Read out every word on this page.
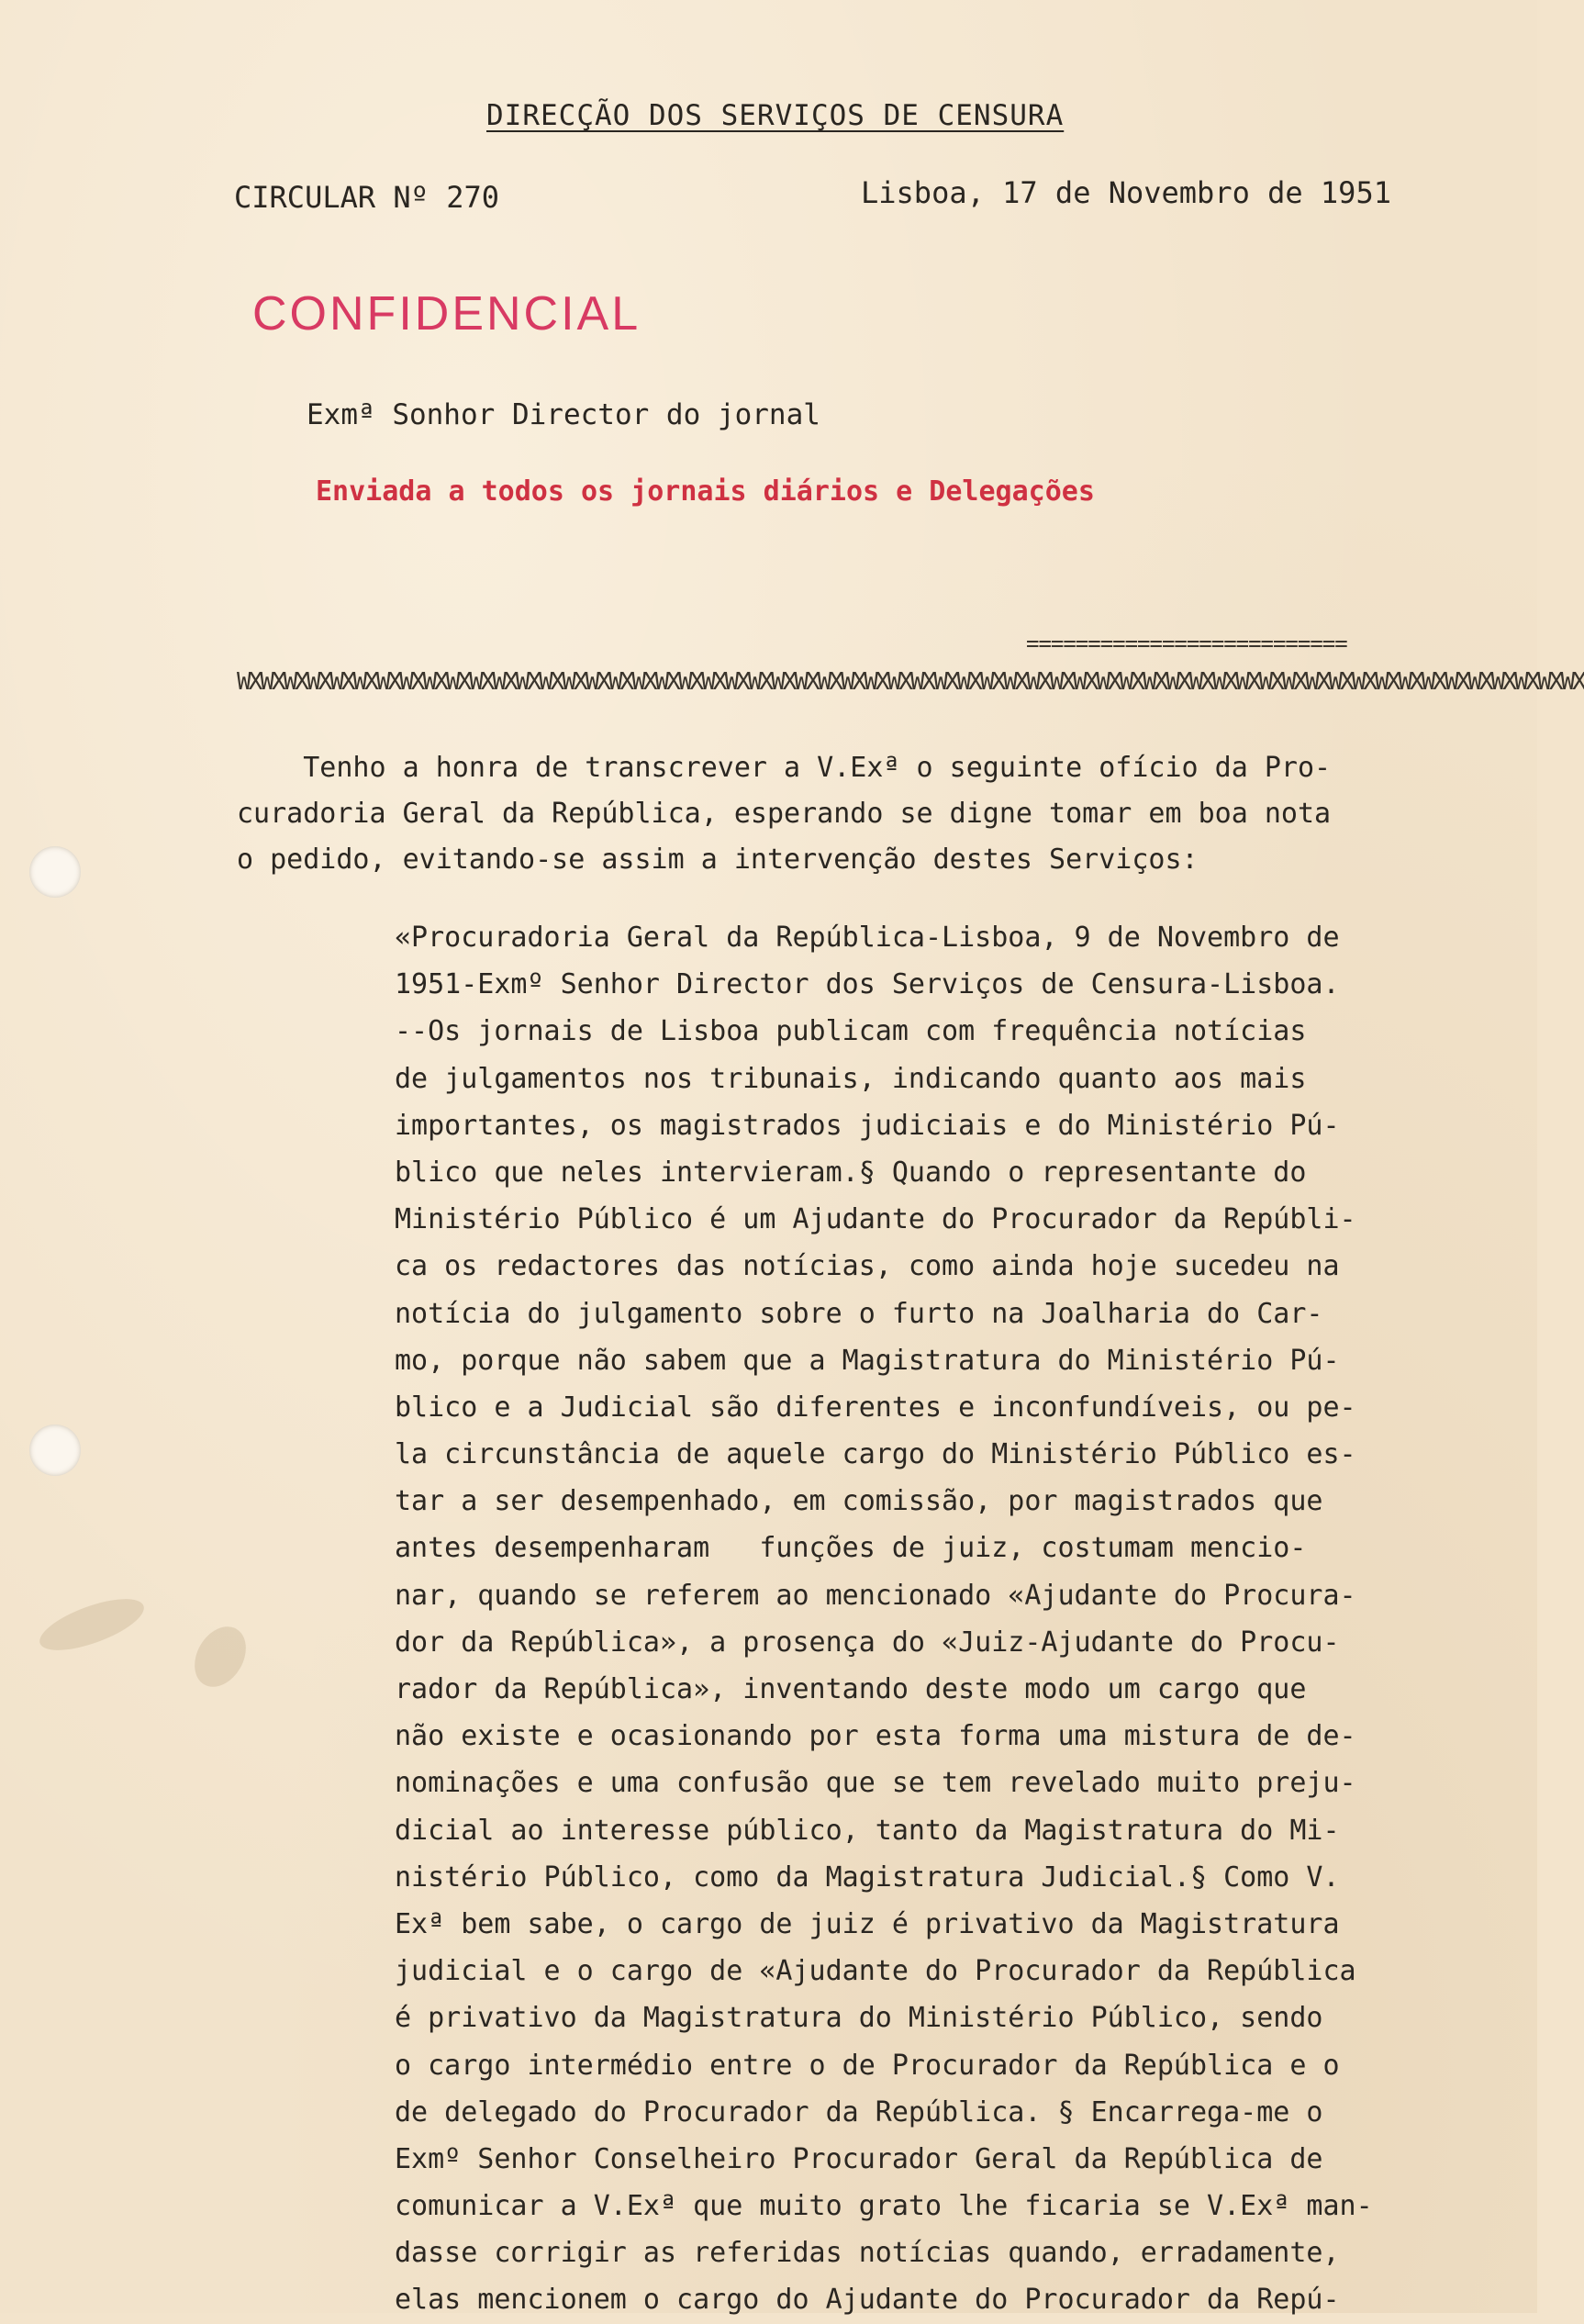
DIRECÇÃO DOS SERVIÇOS DE CENSURA
CIRCULAR Nº 270	Lisboa, 17 de Novembro de 1951
CONFIDENCIAL
Exmª Sonhor Director do jornal
Enviada a todos os jornais diários e Delegações
==========================
WXWXWXWXWXWXWXWXWXWXWXWXWXWXWXWXWXWXWXWXWXWXWXWXWXWXWXWXWXWXWXWXWXWXWXWXWXWXWXWXWXWXWXWXWXWXWXWXWXWXWXWXWXWXWXWXWXWX
Tenho a honra de transcrever a V.Exª o seguinte ofício da Pro-
curadoria Geral da República, esperando se digne tomar em boa nota
o pedido, evitando-se assim a intervenção destes Serviços:
«Procuradoria Geral da República-Lisboa, 9 de Novembro de
1951-Exmº Senhor Director dos Serviços de Censura-Lisboa.
--Os jornais de Lisboa publicam com frequência notícias
de julgamentos nos tribunais, indicando quanto aos mais
importantes, os magistrados judiciais e do Ministério Pú-
blico que neles intervieram.§ Quando o representante do
Ministério Público é um Ajudante do Procurador da Repúbli-
ca os redactores das notícias, como ainda hoje sucedeu na
notícia do julgamento sobre o furto na Joalharia do Car-
mo, porque não sabem que a Magistratura do Ministério Pú-
blico e a Judicial são diferentes e inconfundíveis, ou pe-
la circunstância de aquele cargo do Ministério Público es-
tar a ser desempenhado, em comissão, por magistrados que
antes desempenharam   funções de juiz, costumam mencio-
nar, quando se referem ao mencionado «Ajudante do Procura-
dor da República», a prosença do «Juiz-Ajudante do Procu-
rador da República», inventando deste modo um cargo que
não existe e ocasionando por esta forma uma mistura de de-
nominações e uma confusão que se tem revelado muito preju-
dicial ao interesse público, tanto da Magistratura do Mi-
nistério Público, como da Magistratura Judicial.§ Como V.
Exª bem sabe, o cargo de juiz é privativo da Magistratura
judicial e o cargo de «Ajudante do Procurador da República
é privativo da Magistratura do Ministério Público, sendo
o cargo intermédio entre o de Procurador da República e o
de delegado do Procurador da República. § Encarrega-me o
Exmº Senhor Conselheiro Procurador Geral da República de
comunicar a V.Exª que muito grato lhe ficaria se V.Exª man-
dasse corrigir as referidas notícias quando, erradamente,
elas mencionem o cargo do Ajudante do Procurador da Repú-
